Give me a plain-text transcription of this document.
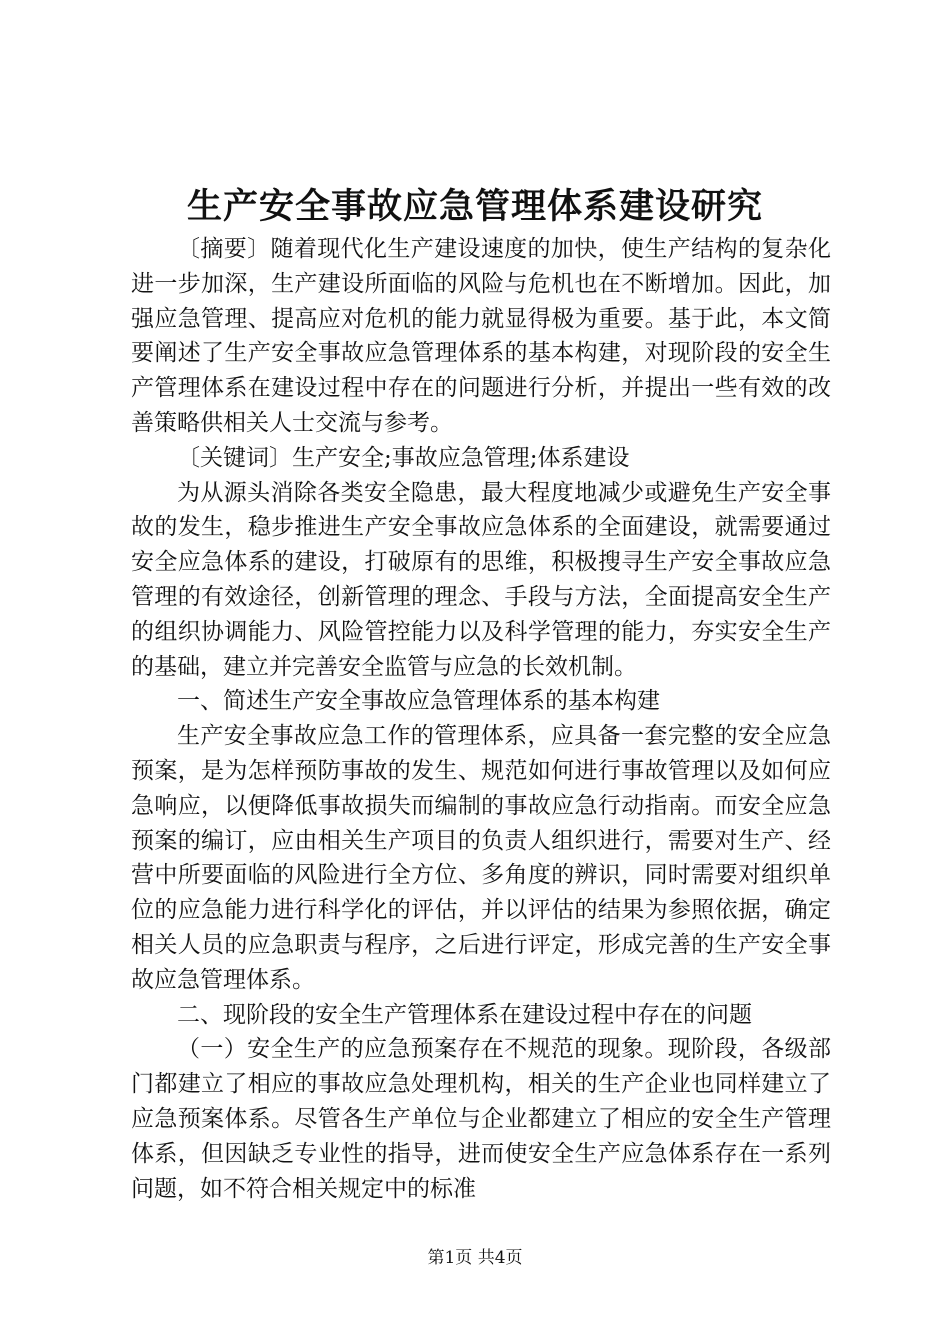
生产安全事故应急管理体系建设研究

〔摘要〕随着现代化生产建设速度的加快，使生产结构的复杂化进一步加深，生产建设所面临的风险与危机也在不断增加。因此，加强应急管理、提高应对危机的能力就显得极为重要。基于此，本文简要阐述了生产安全事故应急管理体系的基本构建，对现阶段的安全生产管理体系在建设过程中存在的问题进行分析，并提出一些有效的改善策略供相关人士交流与参考。

〔关键词〕生产安全;事故应急管理;体系建设

为从源头消除各类安全隐患，最大程度地减少或避免生产安全事故的发生，稳步推进生产安全事故应急体系的全面建设，就需要通过安全应急体系的建设，打破原有的思维，积极搜寻生产安全事故应急管理的有效途径，创新管理的理念、手段与方法，全面提高安全生产的组织协调能力、风险管控能力以及科学管理的能力，夯实安全生产的基础，建立并完善安全监管与应急的长效机制。

一、简述生产安全事故应急管理体系的基本构建

生产安全事故应急工作的管理体系，应具备一套完整的安全应急预案，是为怎样预防事故的发生、规范如何进行事故管理以及如何应急响应，以便降低事故损失而编制的事故应急行动指南。而安全应急预案的编订，应由相关生产项目的负责人组织进行，需要对生产、经营中所要面临的风险进行全方位、多角度的辨识，同时需要对组织单位的应急能力进行科学化的评估，并以评估的结果为参照依据，确定相关人员的应急职责与程序，之后进行评定，形成完善的生产安全事故应急管理体系。

二、现阶段的安全生产管理体系在建设过程中存在的问题

（一）安全生产的应急预案存在不规范的现象。现阶段，各级部门都建立了相应的事故应急处理机构，相关的生产企业也同样建立了应急预案体系。尽管各生产单位与企业都建立了相应的安全生产管理体系，但因缺乏专业性的指导，进而使安全生产应急体系存在一系列问题，如不符合相关规定中的标准

第1页 共4页
